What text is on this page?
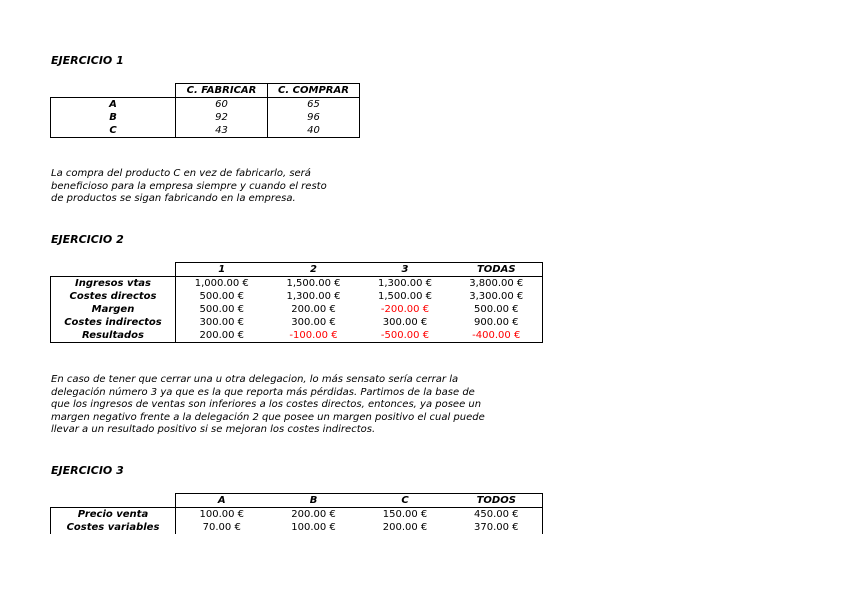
EJERCICIO 1
	C. FABRICAR	C. COMPRAR
A	60	65
B	92	96
C	43	40
La compra del producto C en vez de fabricarlo, será
beneficioso para la empresa siempre y cuando el resto
de productos se sigan fabricando en la empresa.
EJERCICIO 2
	1	2	3	TODAS
Ingresos vtas	1,000.00 €	1,500.00 €	1,300.00 €	3,800.00 €
Costes directos	500.00 €	1,300.00 €	1,500.00 €	3,300.00 €
Margen	500.00 €	200.00 €	-200.00 €	500.00 €
Costes indirectos	300.00 €	300.00 €	300.00 €	900.00 €
Resultados	200.00 €	-100.00 €	-500.00 €	-400.00 €
En caso de tener que cerrar una u otra delegacion, lo más sensato sería cerrar la
delegación número 3 ya que es la que reporta más pérdidas. Partimos de la base de
que los ingresos de ventas son inferiores a los costes directos, entonces, ya posee un
margen negativo frente a la delegación 2 que posee un margen positivo el cual puede
llevar a un resultado positivo si se mejoran los costes indirectos.
EJERCICIO 3
	A	B	C	TODOS
Precio venta	100.00 €	200.00 €	150.00 €	450.00 €
Costes variables	70.00 €	100.00 €	200.00 €	370.00 €
